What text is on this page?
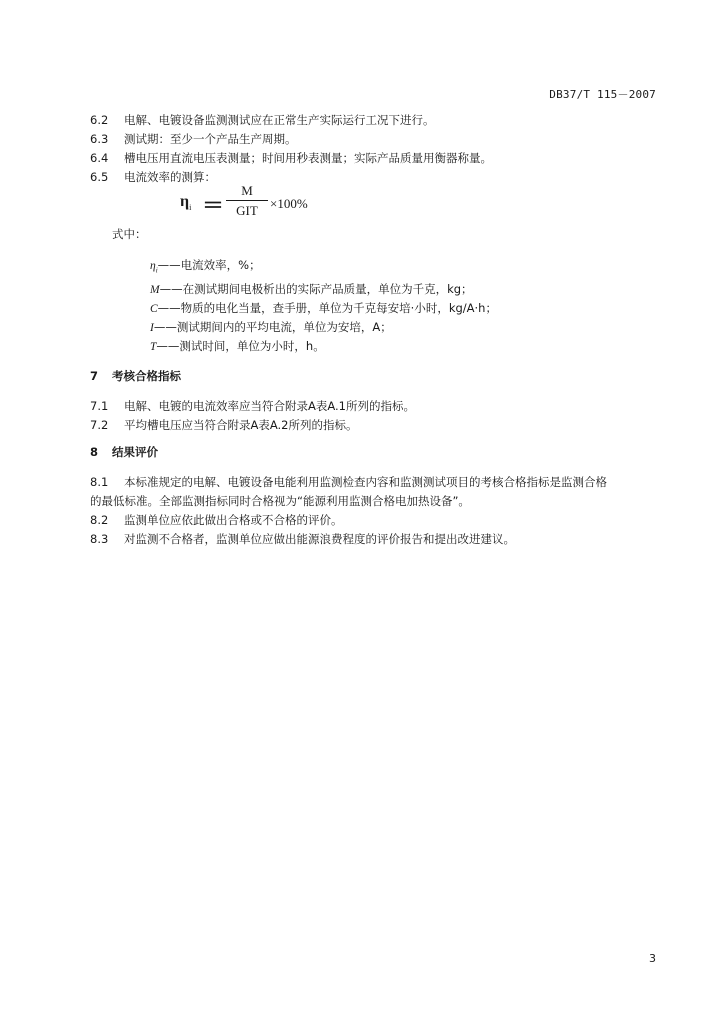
DB37/T 115－2007
6.2 电解、电镀设备监测测试应在正常生产实际运行工况下进行。
6.3 测试期：至少一个产品生产周期。
6.4 槽电压用直流电压表测量；时间用秒表测量；实际产品质量用衡器称量。
6.5 电流效率的测算：
$\eta_i$ ＝
M
GIT ×100%
式中：
$\eta_i——$电流效率，%；
M——在测试期间电极析出的实际产品质量，单位为千克，kg；
C——物质的电化当量，查手册，单位为千克每安培·小时，kg/A·h；
I——测试期间内的平均电流，单位为安培，A；
T——测试时间，单位为小时，h。
7 考核合格指标
7.1 电解、电镀的电流效率应当符合附录A表A.1所列的指标。
7.2 平均槽电压应当符合附录A表A.2所列的指标。
8 结果评价
8.1 本标准规定的电解、电镀设备电能利用监测检查内容和监测测试项目的考核合格指标是监测合格
的最低标准。全部监测指标同时合格视为“能源利用监测合格电加热设备”。
8.2 监测单位应依此做出合格或不合格的评价。
8.3 对监测不合格者，监测单位应做出能源浪费程度的评价报告和提出改进建议。
3
